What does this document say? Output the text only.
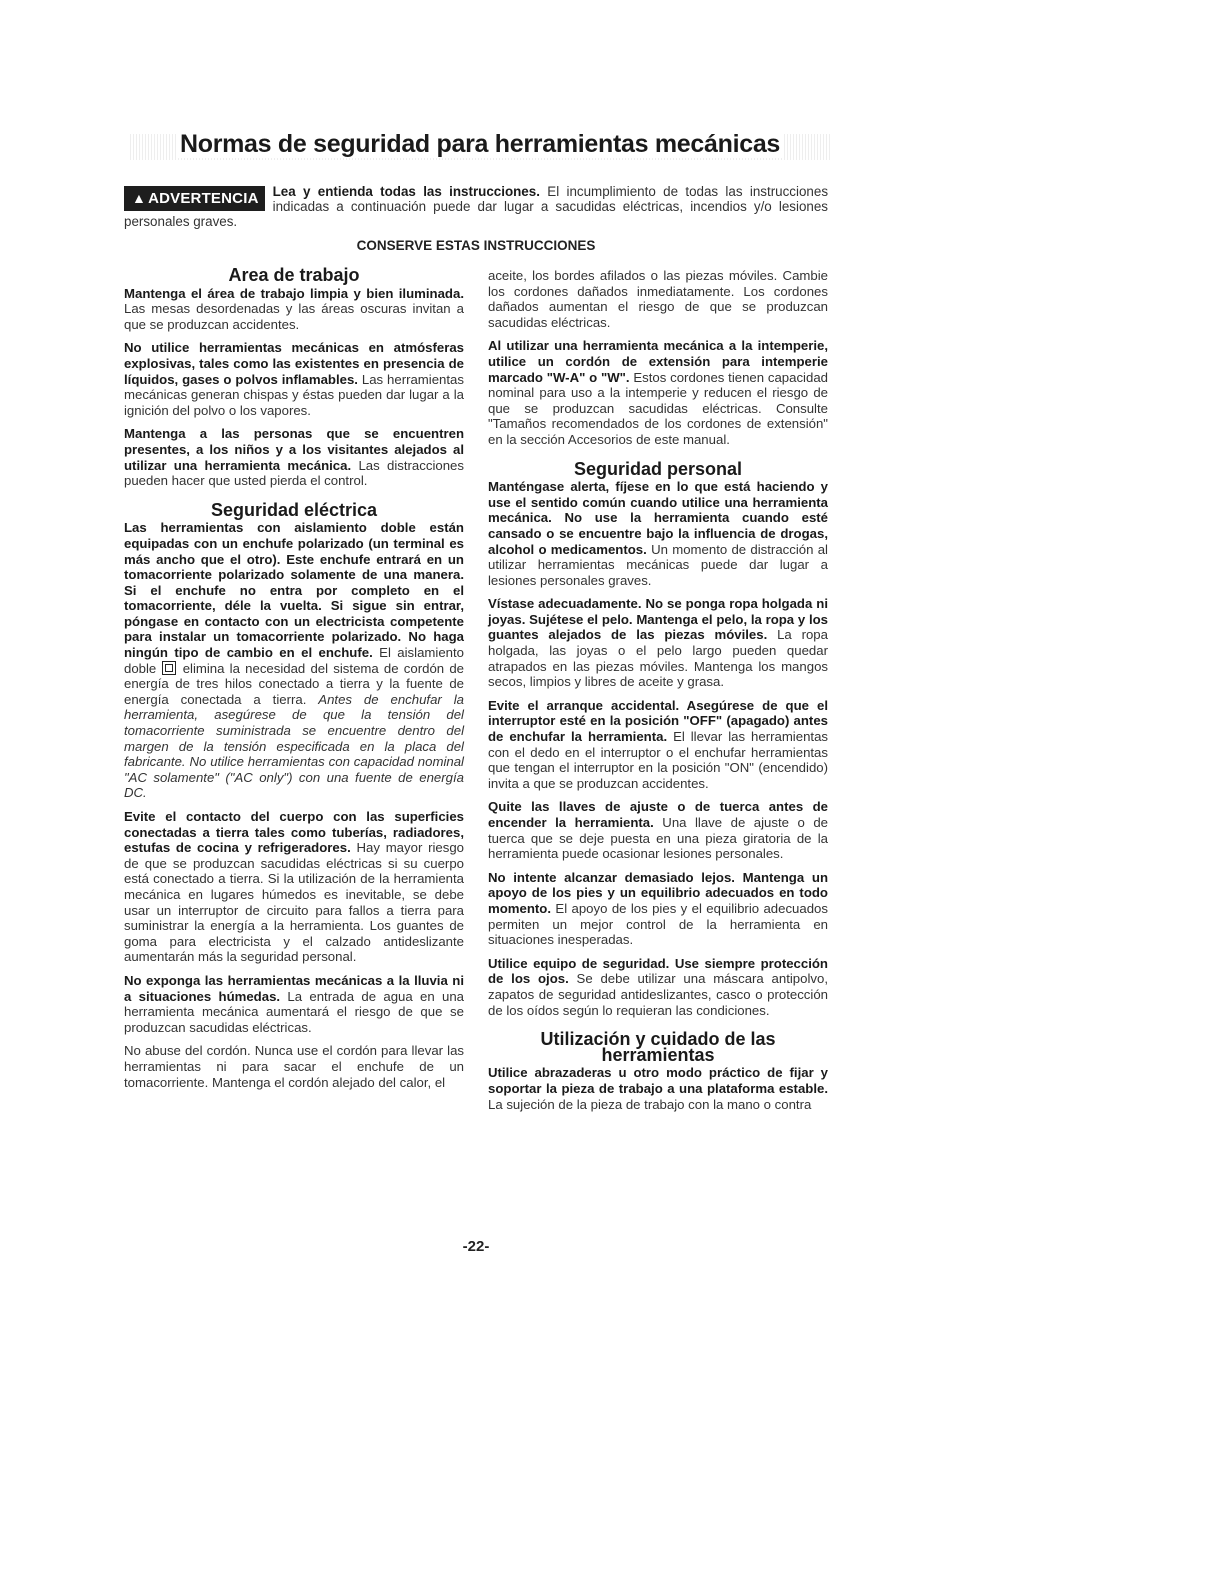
Normas de seguridad para herramientas mecánicas
▲ ADVERTENCIA	Lea y entienda todas las instrucciones. El incumplimiento de todas las instrucciones indicadas a continuación puede dar lugar a sacudidas eléctricas, incendios y/o lesiones personales graves.
CONSERVE ESTAS INSTRUCCIONES
Area de trabajo

Mantenga el área de trabajo limpia y bien iluminada. Las mesas desordenadas y las áreas oscuras invitan a que se produzcan accidentes.

No utilice herramientas mecánicas en atmósferas explosivas, tales como las existentes en presencia de líquidos, gases o polvos inflamables. Las herramientas mecánicas generan chispas y éstas pueden dar lugar a la ignición del polvo o los vapores.

Mantenga a las personas que se encuentren presentes, a los niños y a los visitantes alejados al utilizar una herramienta mecánica. Las distracciones pueden hacer que usted pierda el control.

Seguridad eléctrica

Las herramientas con aislamiento doble están equipadas con un enchufe polarizado (un terminal es más ancho que el otro). Este enchufe entrará en un tomacorriente polarizado solamente de una manera. Si el enchufe no entra por completo en el tomacorriente, déle la vuelta. Si sigue sin entrar, póngase en contacto con un electricista competente para instalar un tomacorriente polarizado. No haga ningún tipo de cambio en el enchufe. El aislamiento doble  elimina la necesidad del sistema de cordón de energía de tres hilos conectado a tierra y la fuente de energía conectada a tierra. Antes de enchufar la herramienta, asegúrese de que la tensión del tomacorriente suministrada se encuentre dentro del margen de la tensión especificada en la placa del fabricante. No utilice herramientas con capacidad nominal "AC solamente" ("AC only") con una fuente de energía DC.

Evite el contacto del cuerpo con las superficies conectadas a tierra tales como tuberías, radiadores, estufas de cocina y refrigeradores. Hay mayor riesgo de que se produzcan sacudidas eléctricas si su cuerpo está conectado a tierra. Si la utilización de la herramienta mecánica en lugares húmedos es inevitable, se debe usar un interruptor de circuito para fallos a tierra para suministrar la energía a la herramienta. Los guantes de goma para electricista y el calzado antideslizante aumentarán más la seguridad personal.

No exponga las herramientas mecánicas a la lluvia ni a situaciones húmedas. La entrada de agua en una herramienta mecánica aumentará el riesgo de que se produzcan sacudidas eléctricas.

No abuse del cordón. Nunca use el cordón para llevar las herramientas ni para sacar el enchufe de un tomacorriente. Mantenga el cordón alejado del calor, el

aceite, los bordes afilados o las piezas móviles. Cambie los cordones dañados inmediatamente. Los cordones dañados aumentan el riesgo de que se produzcan sacudidas eléctricas.

Al utilizar una herramienta mecánica a la intemperie, utilice un cordón de extensión para intemperie marcado "W-A" o "W". Estos cordones tienen capacidad nominal para uso a la intemperie y reducen el riesgo de que se produzcan sacudidas eléctricas. Consulte "Tamaños recomendados de los cordones de extensión" en la sección Accesorios de este manual.

Seguridad personal

Manténgase alerta, fíjese en lo que está haciendo y use el sentido común cuando utilice una herramienta mecánica. No use la herramienta cuando esté cansado o se encuentre bajo la influencia de drogas, alcohol o medicamentos. Un momento de distracción al utilizar herramientas mecánicas puede dar lugar a lesiones personales graves.

Vístase adecuadamente. No se ponga ropa holgada ni joyas. Sujétese el pelo. Mantenga el pelo, la ropa y los guantes alejados de las piezas móviles. La ropa holgada, las joyas o el pelo largo pueden quedar atrapados en las piezas móviles. Mantenga los mangos secos, limpios y libres de aceite y grasa.

Evite el arranque accidental. Asegúrese de que el interruptor esté en la posición "OFF" (apagado) antes de enchufar la herramienta. El llevar las herramientas con el dedo en el interruptor o el enchufar herramientas que tengan el interruptor en la posición "ON" (encendido) invita a que se produzcan accidentes.

Quite las llaves de ajuste o de tuerca antes de encender la herramienta. Una llave de ajuste o de tuerca que se deje puesta en una pieza giratoria de la herramienta puede ocasionar lesiones personales.

No intente alcanzar demasiado lejos. Mantenga un apoyo de los pies y un equilibrio adecuados en todo momento. El apoyo de los pies y el equilibrio adecuados permiten un mejor control de la herramienta en situaciones inesperadas.

Utilice equipo de seguridad. Use siempre protección de los ojos. Se debe utilizar una máscara antipolvo, zapatos de seguridad antideslizantes, casco o protección de los oídos según lo requieran las condiciones.

Utilización y cuidado de las herramientas

Utilice abrazaderas u otro modo práctico de fijar y soportar la pieza de trabajo a una plataforma estable. La sujeción de la pieza de trabajo con la mano o contra

-22-
